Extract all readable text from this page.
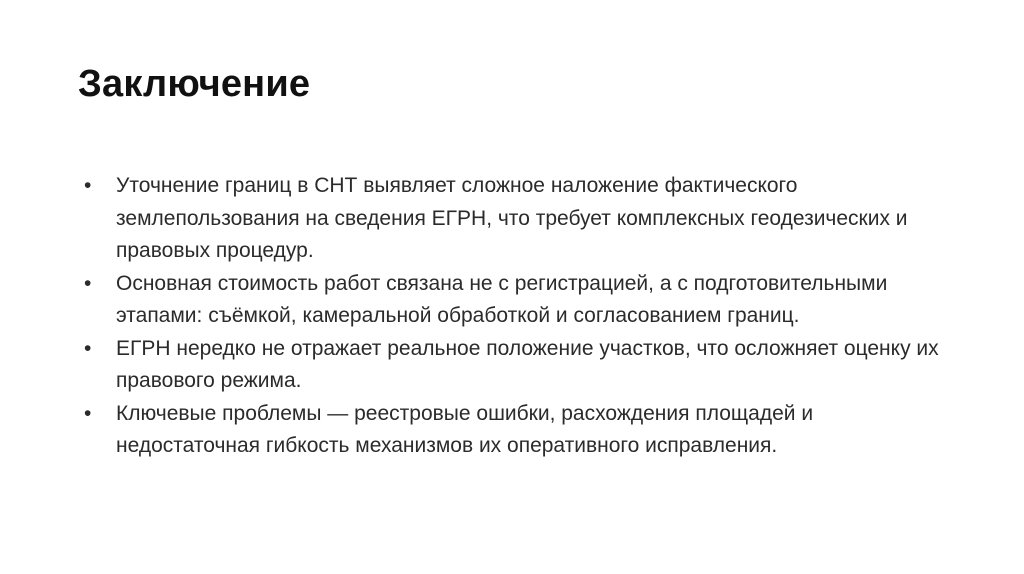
Заключение
•	Уточнение границ в СНТ выявляет сложное наложение фактического землепользования на сведения ЕГРН, что требует комплексных геодезических и правовых процедур.
•	Основная стоимость работ связана не с регистрацией, а с подготовительными этапами: съёмкой, камеральной обработкой и согласованием границ.
•	ЕГРН нередко не отражает реальное положение участков, что осложняет оценку их правового режима.
•	Ключевые проблемы — реестровые ошибки, расхождения площадей и недостаточная гибкость механизмов их оперативного исправления.
